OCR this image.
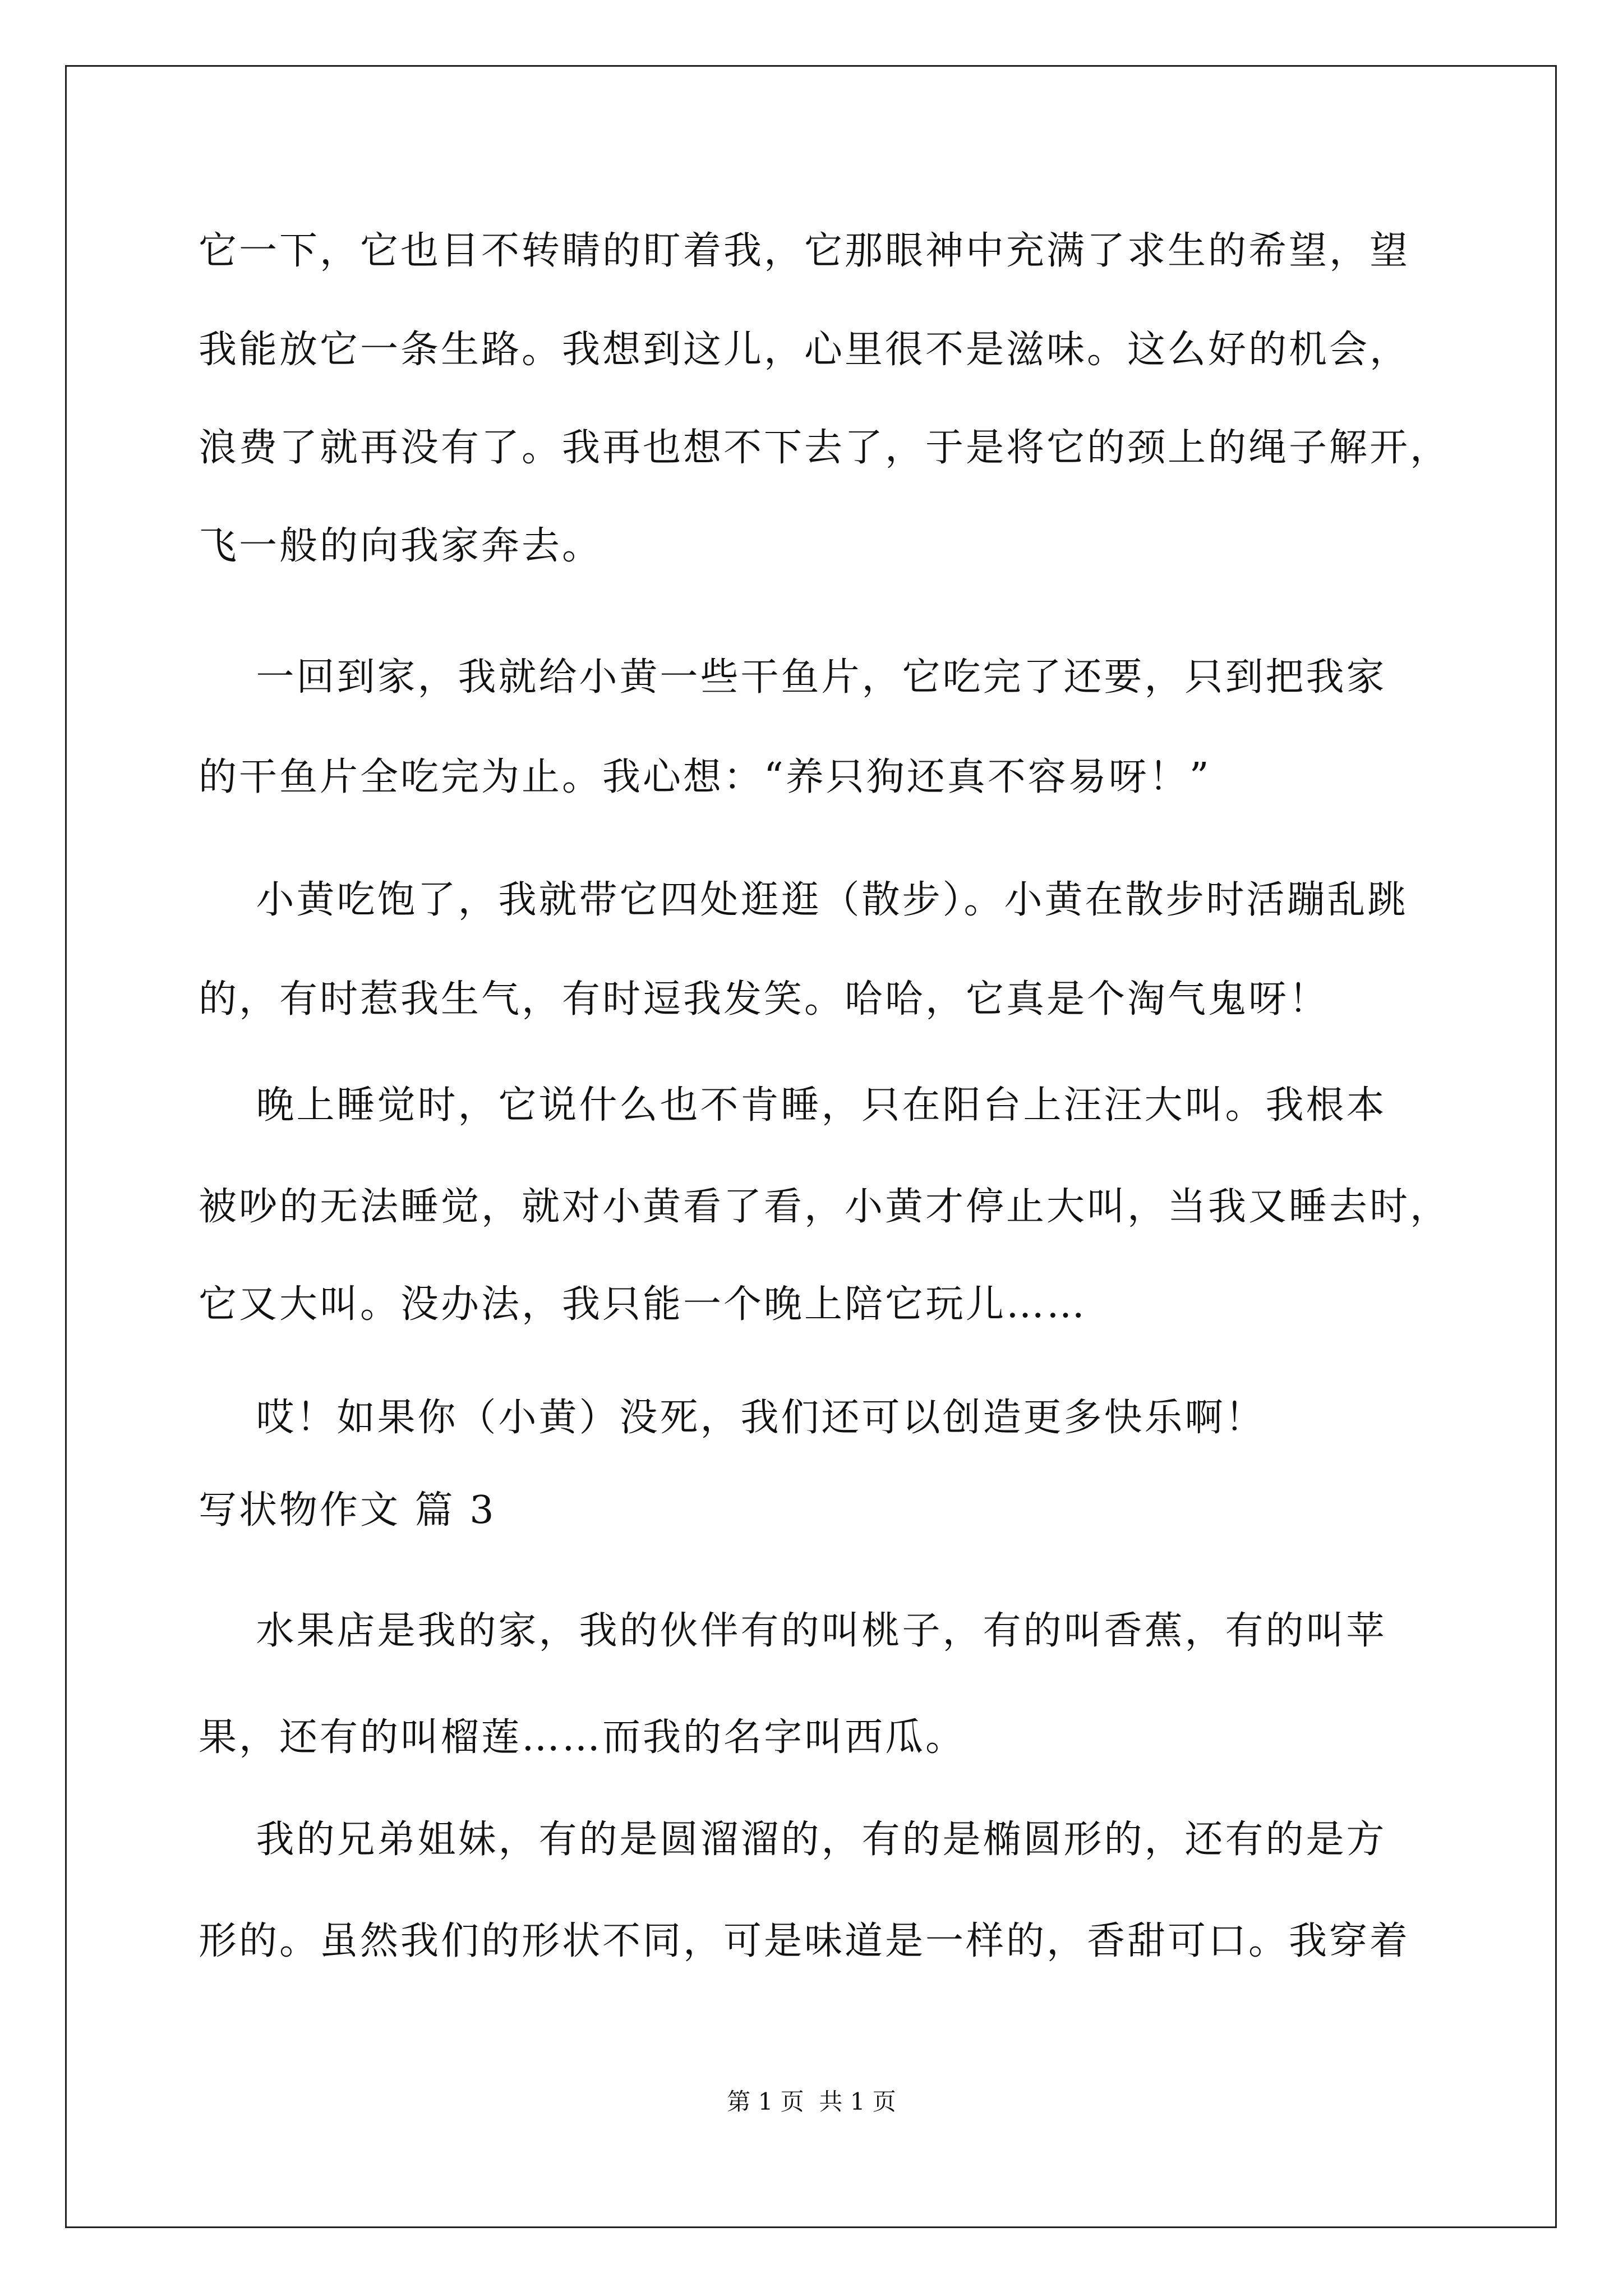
它一下，它也目不转睛的盯着我，它那眼神中充满了求生的希望，望
我能放它一条生路。我想到这儿，心里很不是滋味。这么好的机会，
浪费了就再没有了。我再也想不下去了，于是将它的颈上的绳子解开，
飞一般的向我家奔去。
一回到家，我就给小黄一些干鱼片，它吃完了还要，只到把我家
的干鱼片全吃完为止。我心想：“养只狗还真不容易呀！”
小黄吃饱了，我就带它四处逛逛（散步）。小黄在散步时活蹦乱跳
的，有时惹我生气，有时逗我发笑。哈哈，它真是个淘气鬼呀！
晚上睡觉时，它说什么也不肯睡，只在阳台上汪汪大叫。我根本
被吵的无法睡觉，就对小黄看了看，小黄才停止大叫，当我又睡去时，
它又大叫。没办法，我只能一个晚上陪它玩儿……
哎！如果你（小黄）没死，我们还可以创造更多快乐啊！
写状物作文 篇 3
水果店是我的家，我的伙伴有的叫桃子，有的叫香蕉，有的叫苹
果，还有的叫榴莲……而我的名字叫西瓜。
我的兄弟姐妹，有的是圆溜溜的，有的是椭圆形的，还有的是方
形的。虽然我们的形状不同，可是味道是一样的，香甜可口。我穿着
第 1 页  共 1 页
